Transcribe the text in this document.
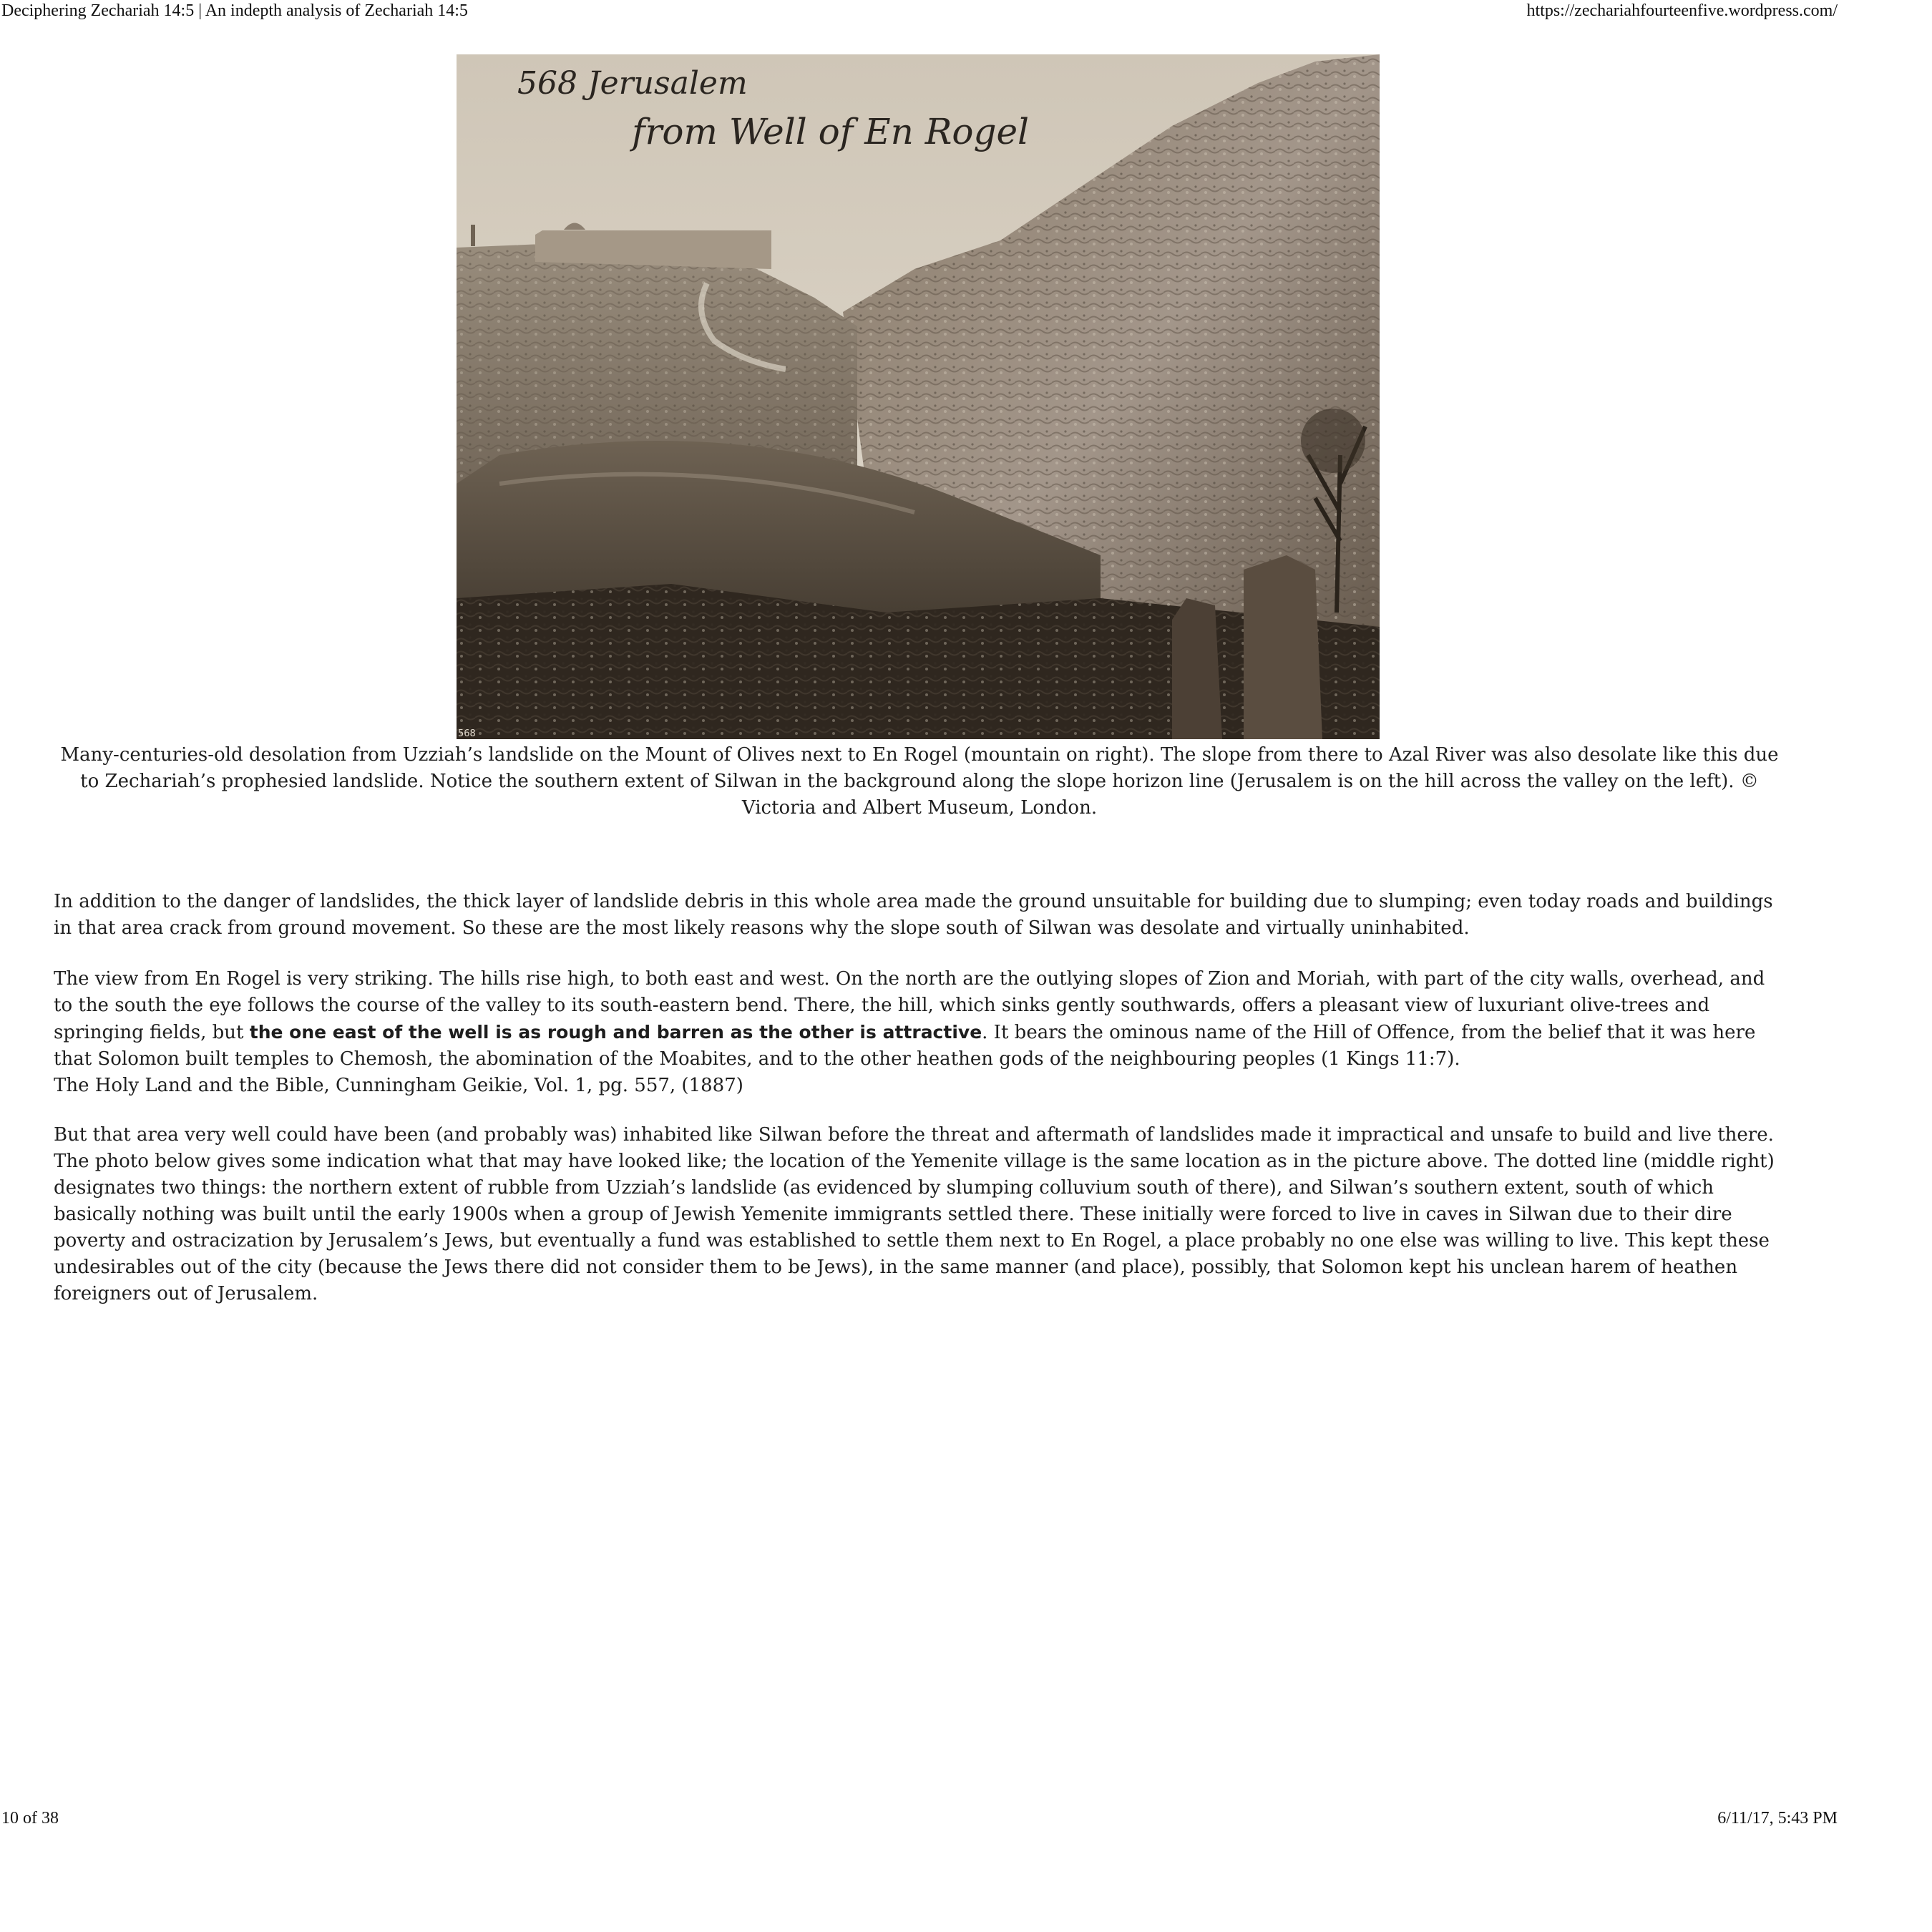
Deciphering Zechariah 14:5 | An indepth analysis of Zechariah 14:5	https://zechariahfourteenfive.wordpress.com/
568 Jerusalem
from Well of En Rogel
568
Many-centuries-old desolation from Uzziah’s landslide on the Mount of Olives next to En Rogel (mountain on right). The slope from there to Azal River was also desolate like this due to Zechariah’s prophesied landslide. Notice the southern extent of Silwan in the background along the slope horizon line (Jerusalem is on the hill across the valley on the left). © Victoria and Albert Museum, London.

In addition to the danger of landslides, the thick layer of landslide debris in this whole area made the ground unsuitable for building due to slumping; even today roads and buildings in that area crack from ground movement. So these are the most likely reasons why the slope south of Silwan was desolate and virtually uninhabited.

The view from En Rogel is very striking. The hills rise high, to both east and west. On the north are the outlying slopes of Zion and Moriah, with part of the city walls, overhead, and to the south the eye follows the course of the valley to its south-eastern bend. There, the hill, which sinks gently southwards, offers a pleasant view of luxuriant olive-trees and springing fields, but the one east of the well is as rough and barren as the other is attractive. It bears the ominous name of the Hill of Offence, from the belief that it was here that Solomon built temples to Chemosh, the abomination of the Moabites, and to the other heathen gods of the neighbouring peoples (1 Kings 11:7).

The Holy Land and the Bible, Cunningham Geikie, Vol. 1, pg. 557, (1887)

But that area very well could have been (and probably was) inhabited like Silwan before the threat and aftermath of landslides made it impractical and unsafe to build and live there. The photo below gives some indication what that may have looked like; the location of the Yemenite village is the same location as in the picture above. The dotted line (middle right) designates two things: the northern extent of rubble from Uzziah’s landslide (as evidenced by slumping colluvium south of there), and Silwan’s southern extent, south of which basically nothing was built until the early 1900s when a group of Jewish Yemenite immigrants settled there. These initially were forced to live in caves in Silwan due to their dire poverty and ostracization by Jerusalem’s Jews, but eventually a fund was established to settle them next to En Rogel, a place probably no one else was willing to live. This kept these undesirables out of the city (because the Jews there did not consider them to be Jews), in the same manner (and place), possibly, that Solomon kept his unclean harem of heathen foreigners out of Jerusalem.

10 of 38	6/11/17, 5:43 PM
